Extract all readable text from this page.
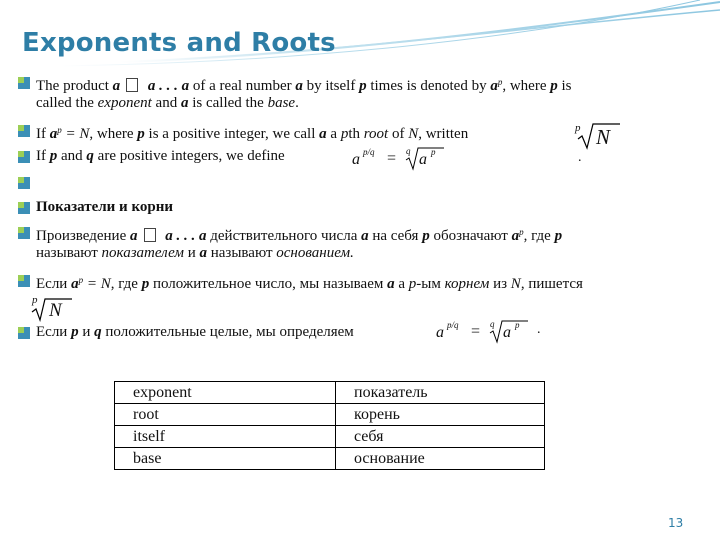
Exponents and Roots
The product a a . . . a of a real number a by itself p times is denoted by $a^p$, where p is
called the exponent and a is called the base.
If $a^p = N$, where p is a positive integer, we call a a pth root of N, written
If p and q are positive integers, we define
Показатели и корни
Произведение a a . . . a действительного числа a на себя p обозначают $a^p$, где p
называют показателем и a называют основанием.
Если $a^p = N$, где p положительное число, мы называем a a p-ым корнем из N, пишется
Если p и q положительные целые, мы определяем
p N
a p/q = q a p	.
p N
a p/q = q a p .
exponent	показатель
root	корень
itself	себя
base	основание
13
